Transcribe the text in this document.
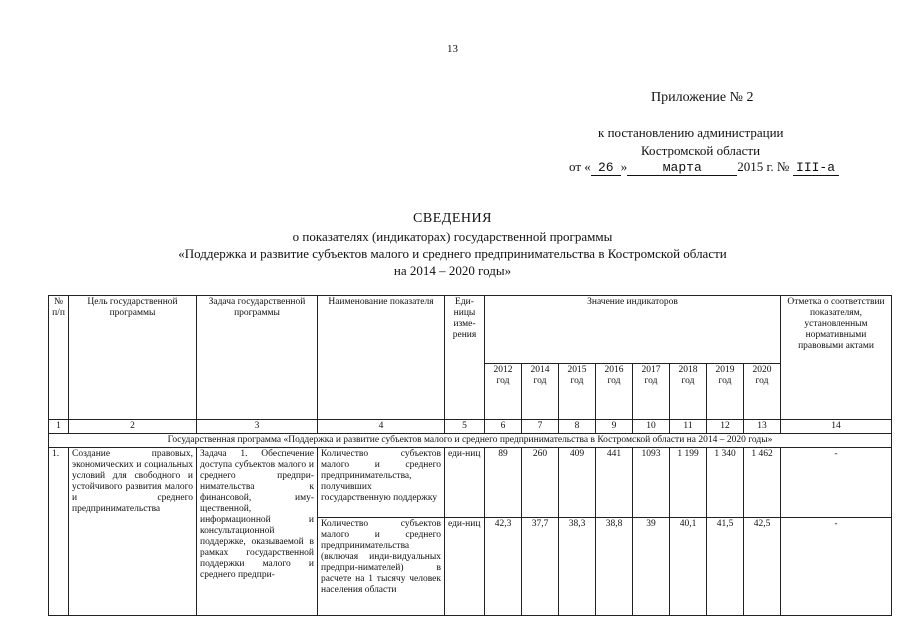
13
Приложение № 2
к постановлению администрации
Костромской области
от « 26 »	марта	2015 г. № III-а
СВЕДЕНИЯ
о показателях (индикаторах) государственной программы
«Поддержка и развитие субъектов малого и среднего предпринимательства в Костромской области
на 2014 – 2020 годы»
№ п/п	Цель государственной программы	Задача государственной программы	Наименование показателя	Еди-ницы изме-рения	Значение индикаторов								Отметка о соответствии показателям, установленным нормативными правовыми актами
					2012 год	2014 год	2015 год	2016 год	2017 год	2018 год	2019 год	2020 год	
1	2	3	4	5	6	7	8	9	10	11	12	13	14
Государственная программа «Поддержка и развитие субъектов малого и среднего предпринимательства в Костромской области на 2014 – 2020 годы»													
1.	Создание правовых, экономических и социальных условий для свободного и устойчивого развития малого и среднего предпринимательства	Задача 1. Обеспечение доступа субъектов малого и среднего предпри-нимательства к финансовой, иму-щественной, информационной и консультационной поддержке, оказываемой в рамках государственной поддержки малого и среднего предпри-	Количество субъектов малого и среднего предпринимательства, получивших государственную поддержку	еди-ниц	89	260	409	441	1093	1 199	1 340	1 462	-
			Количество субъектов малого и среднего предпринимательства (включая инди-видуальных предпри-нимателей) в расчете на 1 тысячу человек населения области	еди-ниц	42,3	37,7	38,3	38,8	39	40,1	41,5	42,5	-
